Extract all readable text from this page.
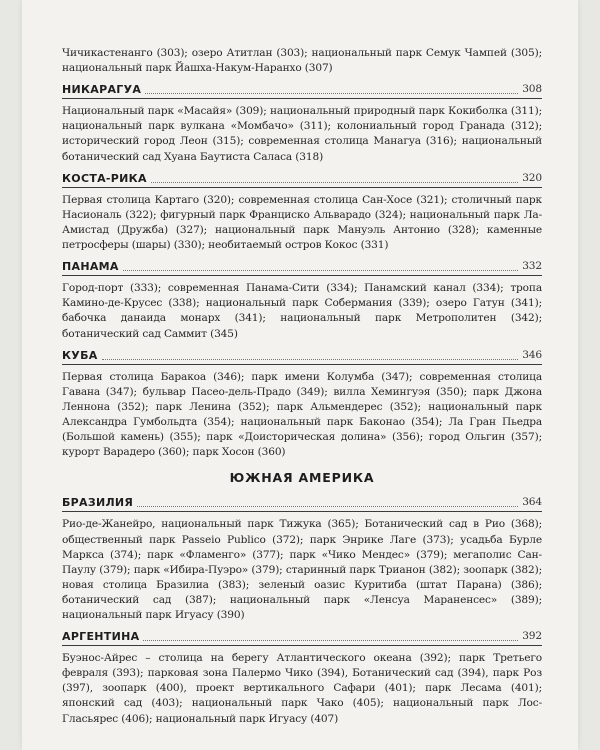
Чичикастенанго (303); озеро Атитлан (303); национальный парк Семук Чампей (305); национальный парк Йашха-Накум-Наранхо (307)

НИКАРАГУА	308

Национальный парк «Масайя» (309); национальный природный парк Кокиболка (311); национальный парк вулкана «Момбачо» (311); колониальный город Гранада (312); исторический город Леон (315); современная столица Манагуа (316); национальный ботанический сад Хуана Баутиста Саласа (318)

КОСТА-РИКА	320

Первая столица Картаго (320); современная столица Сан-Хосе (321); столичный парк Насиональ (322); фигурный парк Франциско Альварадо (324); национальный парк Ла-Амистад (Дружба) (327); национальный парк Мануэль Антонио (328); каменные петросферы (шары) (330); необитаемый остров Кокос (331)

ПАНАМА	332

Город-порт (333); современная Панама-Сити (334); Панамский канал (334); тропа Камино-де-Крусес (338); национальный парк Собермания (339); озеро Гатун (341); бабочка данаида монарх (341); национальный парк Метрополитен (342); ботанический сад Саммит (345)

КУБА	346

Первая столица Баракоа (346); парк имени Колумба (347); современная столица Гавана (347); бульвар Пасео-дель-Прадо (349); вилла Хемингуэя (350); парк Джона Леннона (352); парк Ленина (352); парк Альмендерес (352); национальный парк Александра Гумбольдта (354); национальный парк Баконао (354); Ла Гран Пьедра (Большой камень) (355); парк «Доисторическая долина» (356); город Ольгин (357); курорт Варадеро (360); парк Хосон (360)

ЮЖНАЯ АМЕРИКА
БРАЗИЛИЯ	364

Рио-де-Жанейро, национальный парк Тижука (365); Ботанический сад в Рио (368); общественный парк Passeio Publico (372); парк Энрике Лаге (373); усадьба Бурле Маркса (374); парк «Фламенго» (377); парк «Чико Мендес» (379); мегаполис Сан-Паулу (379); парк «Ибира-Пуэро» (379); старинный парк Трианон (382); зоопарк (382); новая столица Бразилиа (383); зеленый оазис Куритиба (штат Парана) (386); ботанический сад (387); национальный парк «Ленсуа Мараненсес» (389); национальный парк Игуасу (390)

АРГЕНТИНА	392

Буэнос-Айрес – столица на берегу Атлантического океана (392); парк Третьего февраля (393); парковая зона Палермо Чико (394), Ботанический сад (394), парк Роз (397), зоопарк (400), проект вертикального Сафари (401); парк Лесама (401); японский сад (403); национальный парк Чако (405); национальный парк Лос-Гласьярес (406); национальный парк Игуасу (407)
